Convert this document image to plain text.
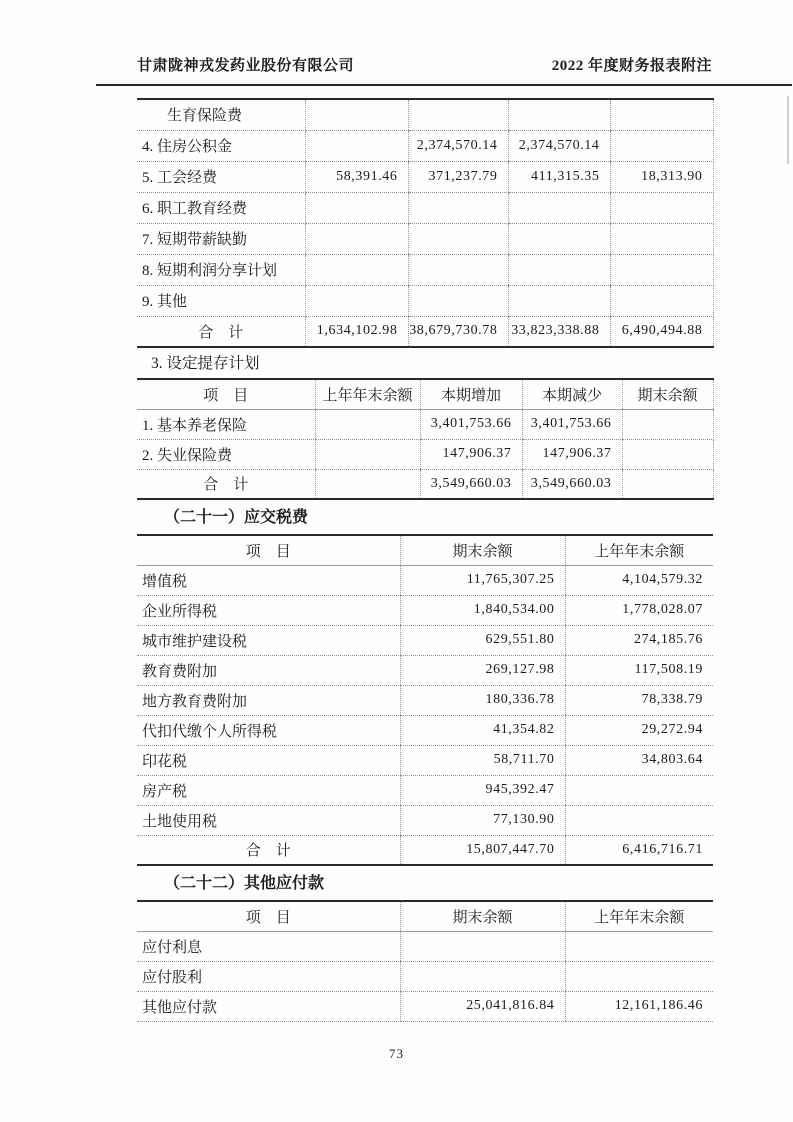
甘肃陇神戎发药业股份有限公司	2022 年度财务报表附注
生育保险费				
4. 住房公积金		2,374,570.14	2,374,570.14	
5. 工会经费	58,391.46	371,237.79	411,315.35	18,313.90
6. 职工教育经费				
7. 短期带薪缺勤				
8. 短期利润分享计划				
9. 其他				
合　计	1,634,102.98	38,679,730.78	33,823,338.88	6,490,494.88
3. 设定提存计划
项　目	上年年末余额	本期增加	本期减少	期末余额
1. 基本养老保险		3,401,753.66	3,401,753.66	
2. 失业保险费		147,906.37	147,906.37	
合　计		3,549,660.03	3,549,660.03	
（二十一）应交税费
项　目	期末余额	上年年末余额
增值税	11,765,307.25	4,104,579.32
企业所得税	1,840,534.00	1,778,028.07
城市维护建设税	629,551.80	274,185.76
教育费附加	269,127.98	117,508.19
地方教育费附加	180,336.78	78,338.79
代扣代缴个人所得税	41,354.82	29,272.94
印花税	58,711.70	34,803.64
房产税	945,392.47	
土地使用税	77,130.90	
合　计	15,807,447.70	6,416,716.71
（二十二）其他应付款
项　目	期末余额	上年年末余额
应付利息		
应付股利		
其他应付款	25,041,816.84	12,161,186.46
73
